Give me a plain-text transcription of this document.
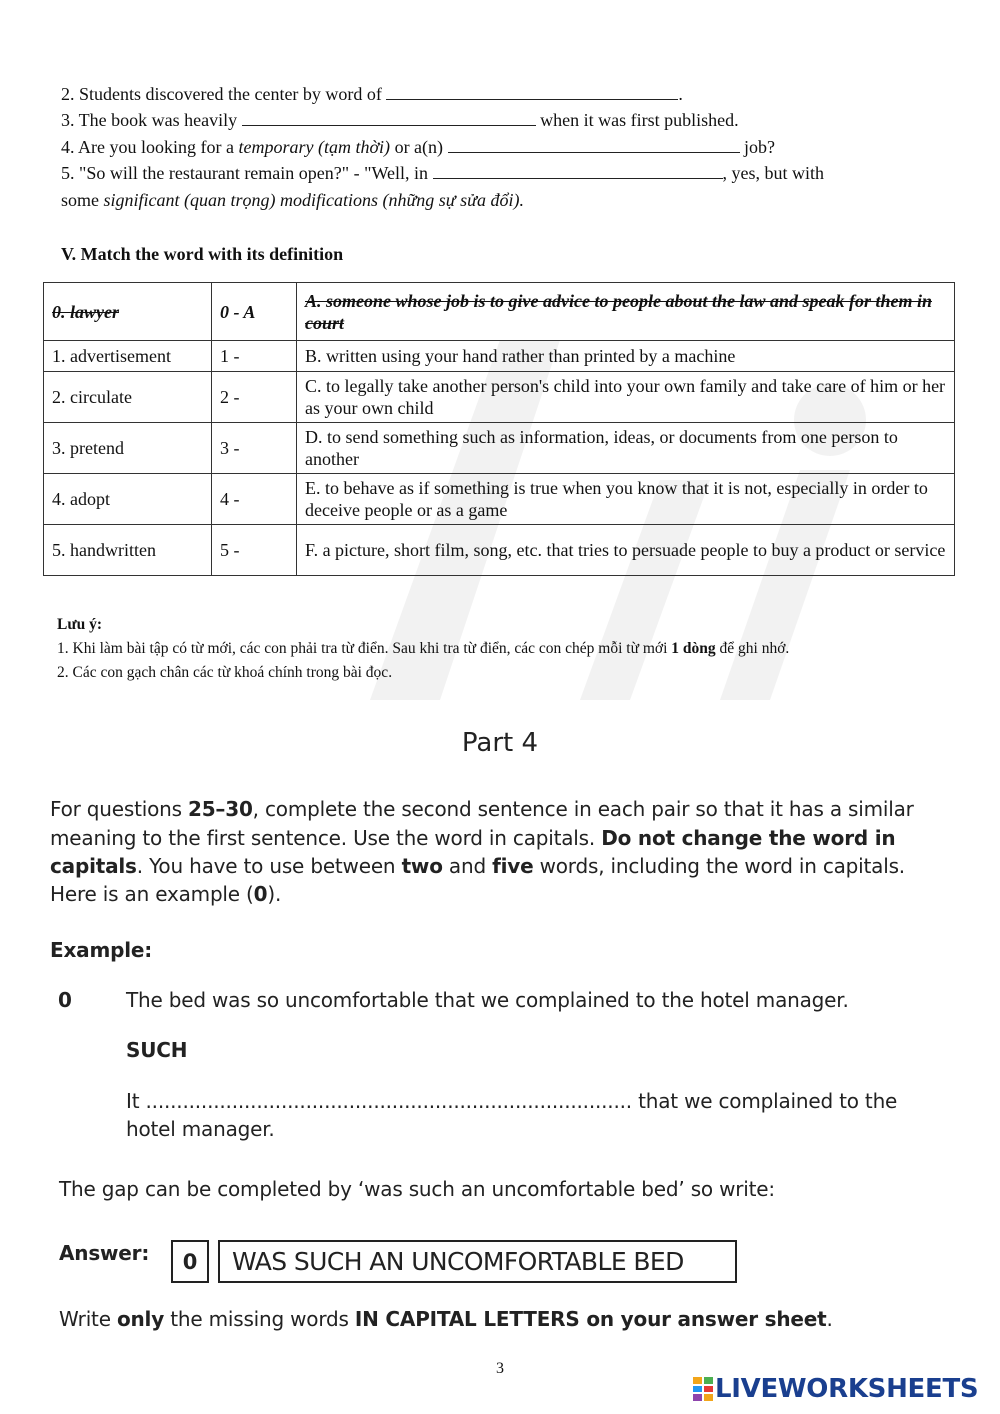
2. Students discovered the center by word of	.
3. The book was heavily	when it was first published.
4. Are you looking for a temporary (tạm thời) or a(n)	job?
5. "So will the restaurant remain open?" - "Well, in	, yes, but with
some significant (quan trọng) modifications (những sự sửa đổi).
V. Match the word with its definition
0. lawyer	0 - A	A. someone whose job is to give advice to people about the law and speak for them in court
1. advertisement	1 -	B. written using your hand rather than printed by a machine
2. circulate	2 -	C. to legally take another person's child into your own family and take care of him or her as your own child
3. pretend	3 -	D. to send something such as information, ideas, or documents from one person to another
4. adopt	4 -	E. to behave as if something is true when you know that it is not, especially in order to deceive people or as a game
5. handwritten	5 -	F. a picture, short film, song, etc. that tries to persuade people to buy a product or service
Lưu ý:
1. Khi làm bài tập có từ mới, các con phải tra từ điển. Sau khi tra từ điển, các con chép mỗi từ mới 1 dòng để ghi nhớ.
2. Các con gạch chân các từ khoá chính trong bài đọc.
Part 4
For questions 25–30, complete the second sentence in each pair so that it has a similar
meaning to the first sentence. Use the word in capitals. Do not change the word in
capitals. You have to use between two and five words, including the word in capitals.
Here is an example (0).
Example:
0	The bed was so uncomfortable that we complained to the hotel manager.
SUCH
It ............................................................................... that we complained to the
hotel manager.
The gap can be completed by ‘was such an uncomfortable bed’ so write:
Answer:	0	WAS SUCH AN UNCOMFORTABLE BED
Write only the missing words IN CAPITAL LETTERS on your answer sheet.
3
LIVEWORKSHEETS
